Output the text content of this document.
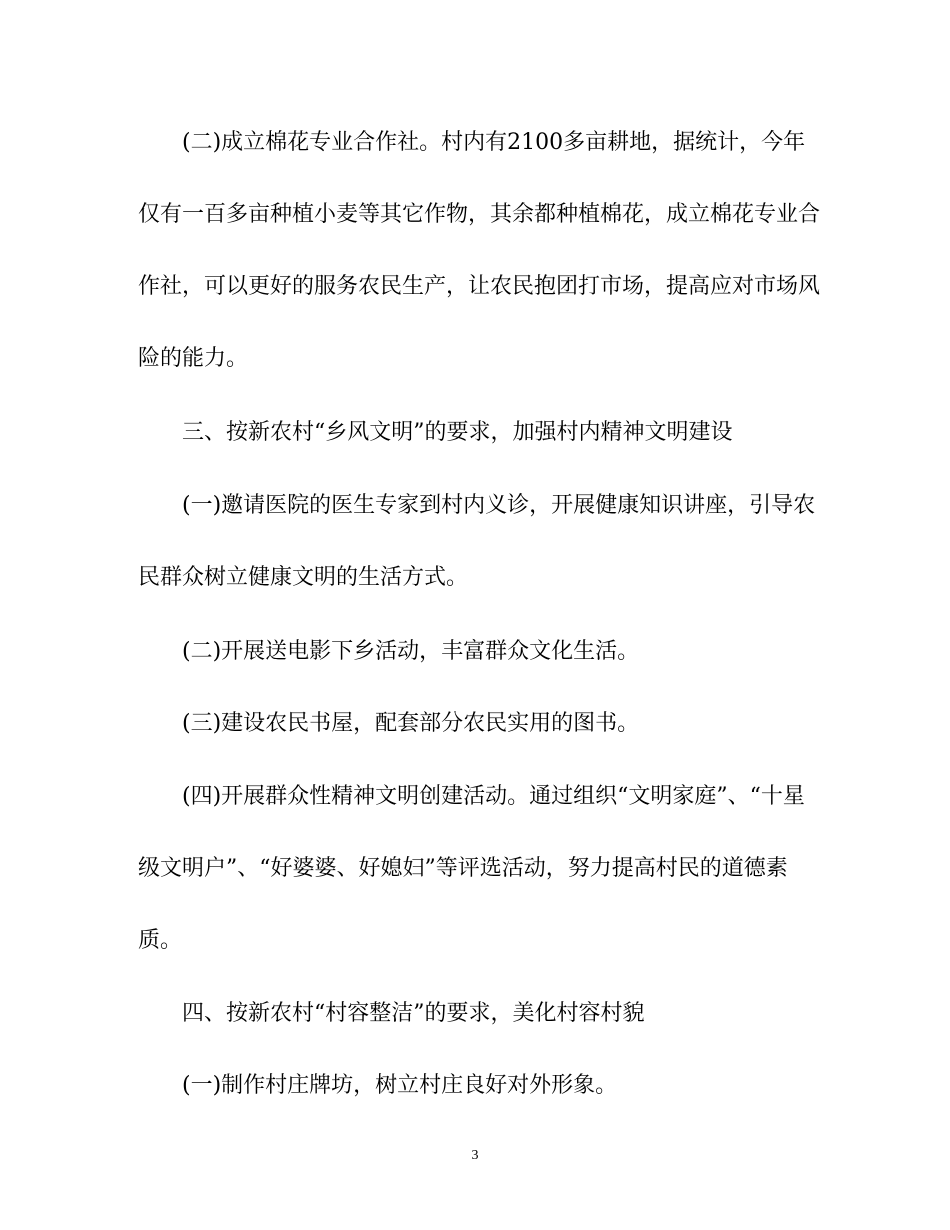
(二)成立棉花专业合作社。村内有2100多亩耕地，据统计，今年
仅有一百多亩种植小麦等其它作物，其余都种植棉花，成立棉花专业合
作社，可以更好的服务农民生产，让农民抱团打市场，提高应对市场风
险的能力。
三、按新农村“乡风文明”的要求，加强村内精神文明建设
(一)邀请医院的医生专家到村内义诊，开展健康知识讲座，引导农
民群众树立健康文明的生活方式。
(二)开展送电影下乡活动，丰富群众文化生活。
(三)建设农民书屋，配套部分农民实用的图书。
(四)开展群众性精神文明创建活动。通过组织“文明家庭”、“十星
级文明户”、“好婆婆、好媳妇”等评选活动，努力提高村民的道德素
质。
四、按新农村“村容整洁”的要求，美化村容村貌
(一)制作村庄牌坊，树立村庄良好对外形象。
3
